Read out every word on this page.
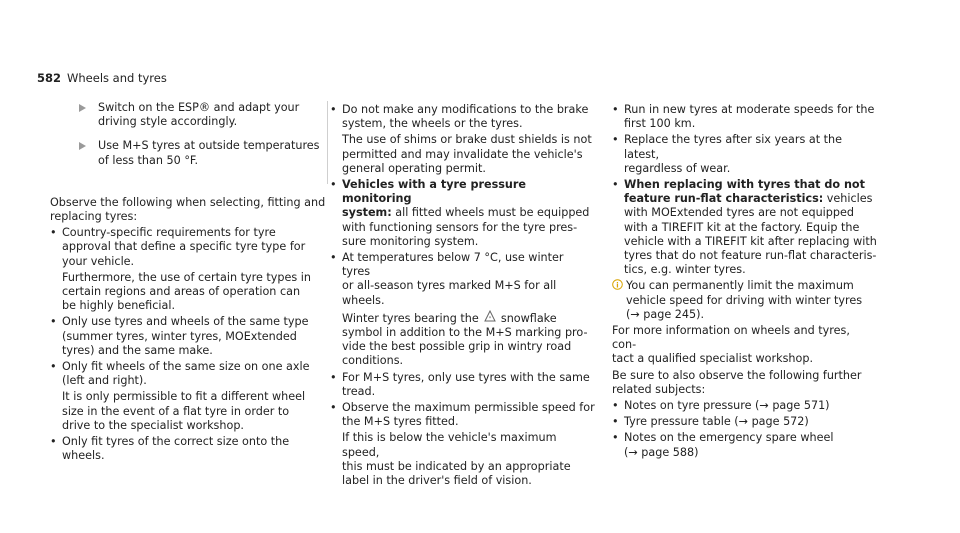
582 Wheels and tyres
Switch on the ESP® and adapt your
driving style accordingly.
Use M+S tyres at outside temperatures
of less than 50 °F.
Observe the following when selecting, fitting and
replacing tyres:
• Country-specific requirements for tyre
approval that define a specific tyre type for
your vehicle.
Furthermore, the use of certain tyre types in
certain regions and areas of operation can
be highly beneficial.
• Only use tyres and wheels of the same type
(summer tyres, winter tyres, MOExtended
tyres) and the same make.
• Only fit wheels of the same size on one axle
(left and right).
It is only permissible to fit a different wheel
size in the event of a flat tyre in order to
drive to the specialist workshop.
• Only fit tyres of the correct size onto the
wheels.
• Do not make any modifications to the brake
system, the wheels or the tyres.
The use of shims or brake dust shields is not
permitted and may invalidate the vehicle's
general operating permit.
• Vehicles with a tyre pressure monitoring
system: all fitted wheels must be equipped
with functioning sensors for the tyre pres-
sure monitoring system.
• At temperatures below 7 °C, use winter tyres
or all-season tyres marked M+S for all
wheels.
Winter tyres bearing the * snowflake
symbol in addition to the M+S marking pro-
vide the best possible grip in wintry road
conditions.
• For M+S tyres, only use tyres with the same
tread.
• Observe the maximum permissible speed for
the M+S tyres fitted.
If this is below the vehicle's maximum speed,
this must be indicated by an appropriate
label in the driver's field of vision.
• Run in new tyres at moderate speeds for the
first 100 km.
• Replace the tyres after six years at the latest,
regardless of wear.
• When replacing with tyres that do not
feature run-flat characteristics: vehicles
with MOExtended tyres are not equipped
with a TIREFIT kit at the factory. Equip the
vehicle with a TIREFIT kit after replacing with
tyres that do not feature run-flat characteris-
tics, e.g. winter tyres.
i You can permanently limit the maximum
vehicle speed for driving with winter tyres
(→ page 245).
For more information on wheels and tyres, con-
tact a qualified specialist workshop.
Be sure to also observe the following further
related subjects:
• Notes on tyre pressure (→ page 571)
• Tyre pressure table (→ page 572)
• Notes on the emergency spare wheel
(→ page 588)
